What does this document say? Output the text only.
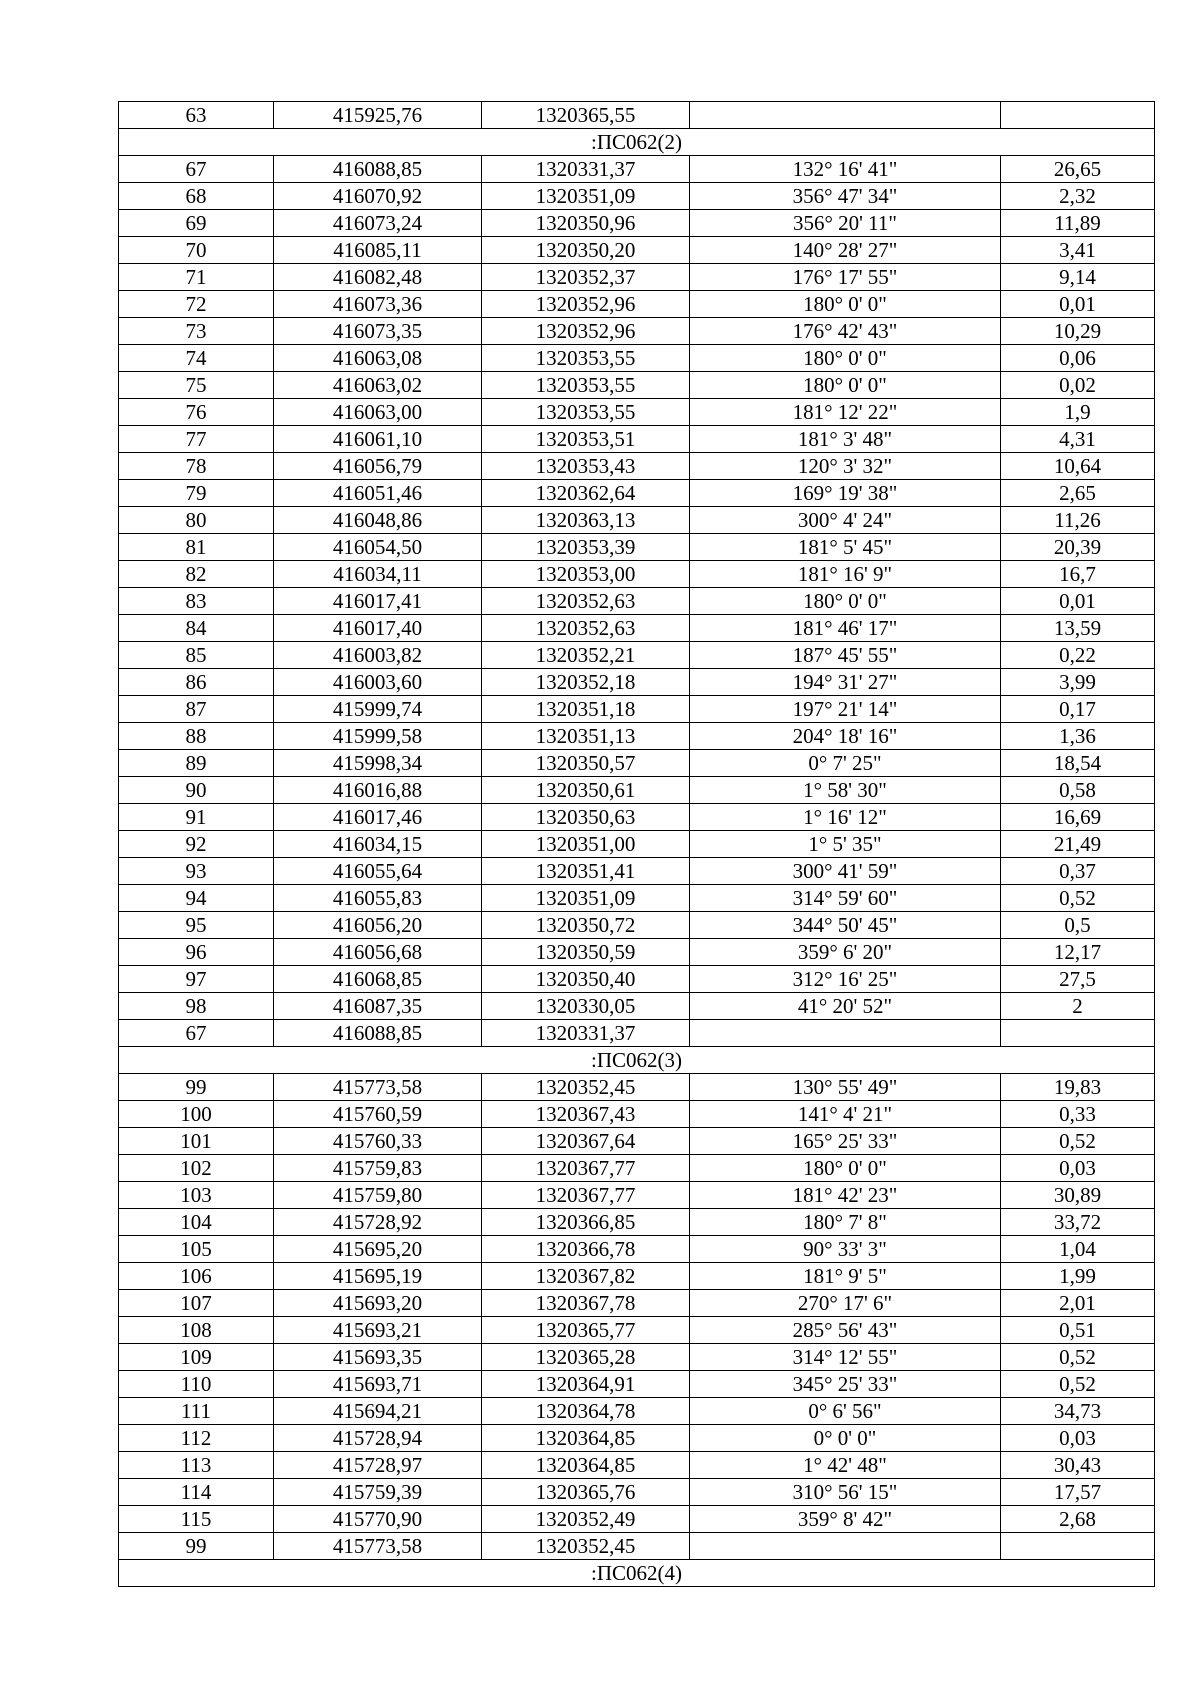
63	415925,76	1320365,55		
:ПС062(2)				
67	416088,85	1320331,37	132° 16' 41"	26,65
68	416070,92	1320351,09	356° 47' 34"	2,32
69	416073,24	1320350,96	356° 20' 11"	11,89
70	416085,11	1320350,20	140° 28' 27"	3,41
71	416082,48	1320352,37	176° 17' 55"	9,14
72	416073,36	1320352,96	180° 0' 0"	0,01
73	416073,35	1320352,96	176° 42' 43"	10,29
74	416063,08	1320353,55	180° 0' 0"	0,06
75	416063,02	1320353,55	180° 0' 0"	0,02
76	416063,00	1320353,55	181° 12' 22"	1,9
77	416061,10	1320353,51	181° 3' 48"	4,31
78	416056,79	1320353,43	120° 3' 32"	10,64
79	416051,46	1320362,64	169° 19' 38"	2,65
80	416048,86	1320363,13	300° 4' 24"	11,26
81	416054,50	1320353,39	181° 5' 45"	20,39
82	416034,11	1320353,00	181° 16' 9"	16,7
83	416017,41	1320352,63	180° 0' 0"	0,01
84	416017,40	1320352,63	181° 46' 17"	13,59
85	416003,82	1320352,21	187° 45' 55"	0,22
86	416003,60	1320352,18	194° 31' 27"	3,99
87	415999,74	1320351,18	197° 21' 14"	0,17
88	415999,58	1320351,13	204° 18' 16"	1,36
89	415998,34	1320350,57	0° 7' 25"	18,54
90	416016,88	1320350,61	1° 58' 30"	0,58
91	416017,46	1320350,63	1° 16' 12"	16,69
92	416034,15	1320351,00	1° 5' 35"	21,49
93	416055,64	1320351,41	300° 41' 59"	0,37
94	416055,83	1320351,09	314° 59' 60"	0,52
95	416056,20	1320350,72	344° 50' 45"	0,5
96	416056,68	1320350,59	359° 6' 20"	12,17
97	416068,85	1320350,40	312° 16' 25"	27,5
98	416087,35	1320330,05	41° 20' 52"	2
67	416088,85	1320331,37		
:ПС062(3)				
99	415773,58	1320352,45	130° 55' 49"	19,83
100	415760,59	1320367,43	141° 4' 21"	0,33
101	415760,33	1320367,64	165° 25' 33"	0,52
102	415759,83	1320367,77	180° 0' 0"	0,03
103	415759,80	1320367,77	181° 42' 23"	30,89
104	415728,92	1320366,85	180° 7' 8"	33,72
105	415695,20	1320366,78	90° 33' 3"	1,04
106	415695,19	1320367,82	181° 9' 5"	1,99
107	415693,20	1320367,78	270° 17' 6"	2,01
108	415693,21	1320365,77	285° 56' 43"	0,51
109	415693,35	1320365,28	314° 12' 55"	0,52
110	415693,71	1320364,91	345° 25' 33"	0,52
111	415694,21	1320364,78	0° 6' 56"	34,73
112	415728,94	1320364,85	0° 0' 0"	0,03
113	415728,97	1320364,85	1° 42' 48"	30,43
114	415759,39	1320365,76	310° 56' 15"	17,57
115	415770,90	1320352,49	359° 8' 42"	2,68
99	415773,58	1320352,45		
:ПС062(4)				
